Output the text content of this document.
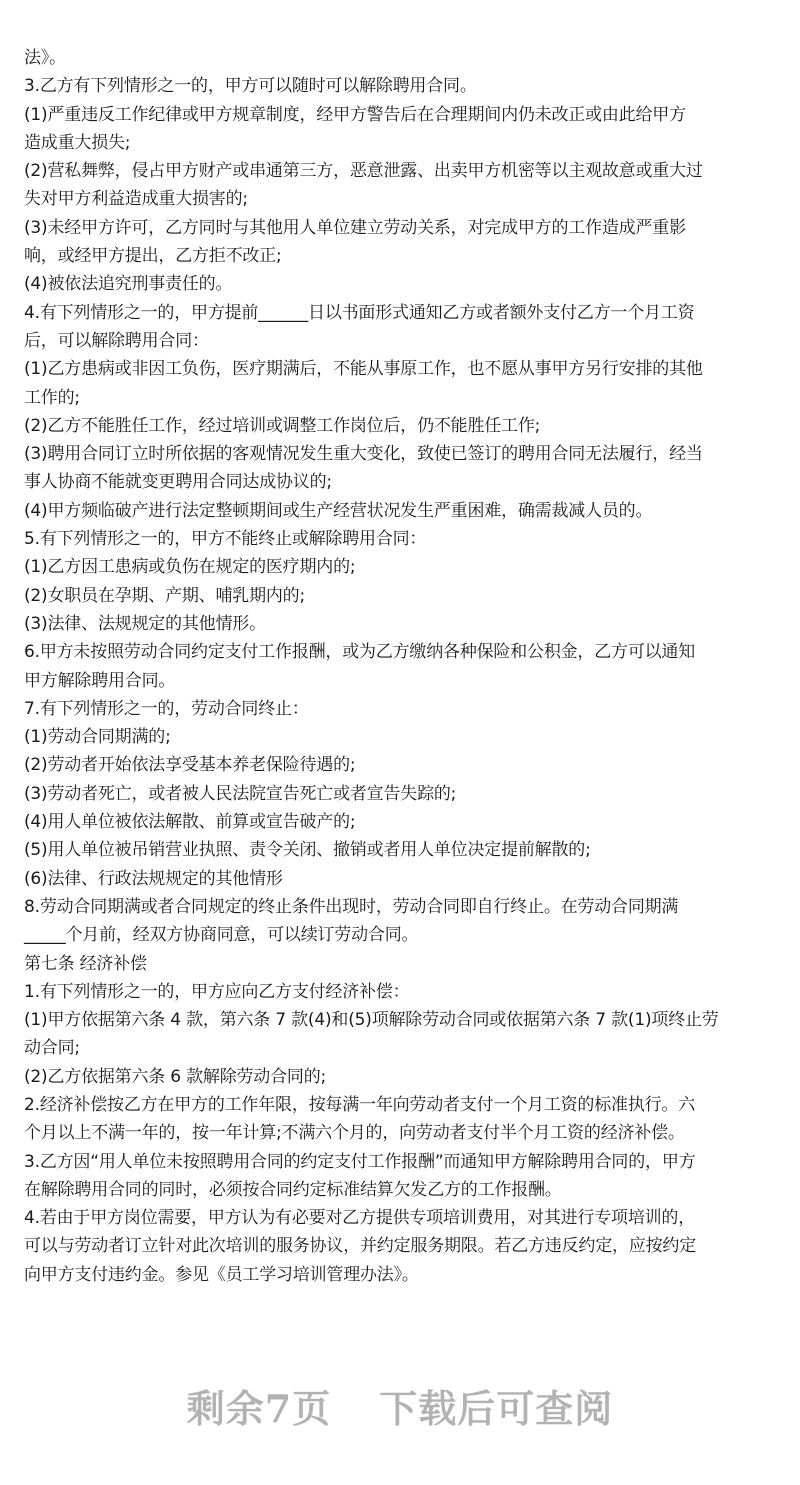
​
法》。
3.乙方有下列情形之一的，甲方可以随时可以解除聘用合同。
(1)严重违反工作纪律或甲方规章制度，经甲方警告后在合理期间内仍未改正或由此给甲方
造成重大损失;
(2)营私舞弊，侵占甲方财产或串通第三方，恶意泄露、出卖甲方机密等以主观故意或重大过
失对甲方利益造成重大损害的;
(3)未经甲方许可，乙方同时与其他用人单位建立劳动关系，对完成甲方的工作造成严重影
响，或经甲方提出，乙方拒不改正;
(4)被依法追究刑事责任的。
4.有下列情形之一的，甲方提前______日以书面形式通知乙方或者额外支付乙方一个月工资
后，可以解除聘用合同：
(1)乙方患病或非因工负伤，医疗期满后，不能从事原工作，也不愿从事甲方另行安排的其他
工作的;
(2)乙方不能胜任工作，经过培训或调整工作岗位后，仍不能胜任工作;
(3)聘用合同订立时所依据的客观情况发生重大变化，致使已签订的聘用合同无法履行，经当
事人协商不能就变更聘用合同达成协议的;
(4)甲方频临破产进行法定整顿期间或生产经营状况发生严重困难，确需裁减人员的。
5.有下列情形之一的，甲方不能终止或解除聘用合同：
(1)乙方因工患病或负伤在规定的医疗期内的;
(2)女职员在孕期、产期、哺乳期内的;
(3)法律、法规规定的其他情形。
6.甲方未按照劳动合同约定支付工作报酬，或为乙方缴纳各种保险和公积金，乙方可以通知
甲方解除聘用合同。
7.有下列情形之一的，劳动合同终止：
(1)劳动合同期满的;
(2)劳动者开始依法享受基本养老保险待遇的;
(3)劳动者死亡，或者被人民法院宣告死亡或者宣告失踪的;
(4)用人单位被依法解散、前算或宣告破产的;
(5)用人单位被吊销营业执照、责令关闭、撤销或者用人单位决定提前解散的;
(6)法律、行政法规规定的其他情形
8.劳动合同期满或者合同规定的终止条件出现时，劳动合同即自行终止。在劳动合同期满
_____个月前，经双方协商同意，可以续订劳动合同。
第七条 经济补偿
1.有下列情形之一的，甲方应向乙方支付经济补偿：
(1)甲方依据第六条 4 款，第六条 7 款(4)和(5)项解除劳动合同或依据第六条 7 款(1)项终止劳
动合同;
(2)乙方依据第六条 6 款解除劳动合同的;
2.经济补偿按乙方在甲方的工作年限，按每满一年向劳动者支付一个月工资的标准执行。六
个月以上不满一年的，按一年计算;不满六个月的，向劳动者支付半个月工资的经济补偿。
3.乙方因“用人单位未按照聘用合同的约定支付工作报酬”而通知甲方解除聘用合同的，甲方
在解除聘用合同的同时，必须按合同约定标准结算欠发乙方的工作报酬。
4.若由于甲方岗位需要，甲方认为有必要对乙方提供专项培训费用，对其进行专项培训的，
可以与劳动者订立针对此次培训的服务协议，并约定服务期限。若乙方违反约定，应按约定
向甲方支付违约金。参见《员工学习培训管理办法》。
剩余7页 下载后可查阅
